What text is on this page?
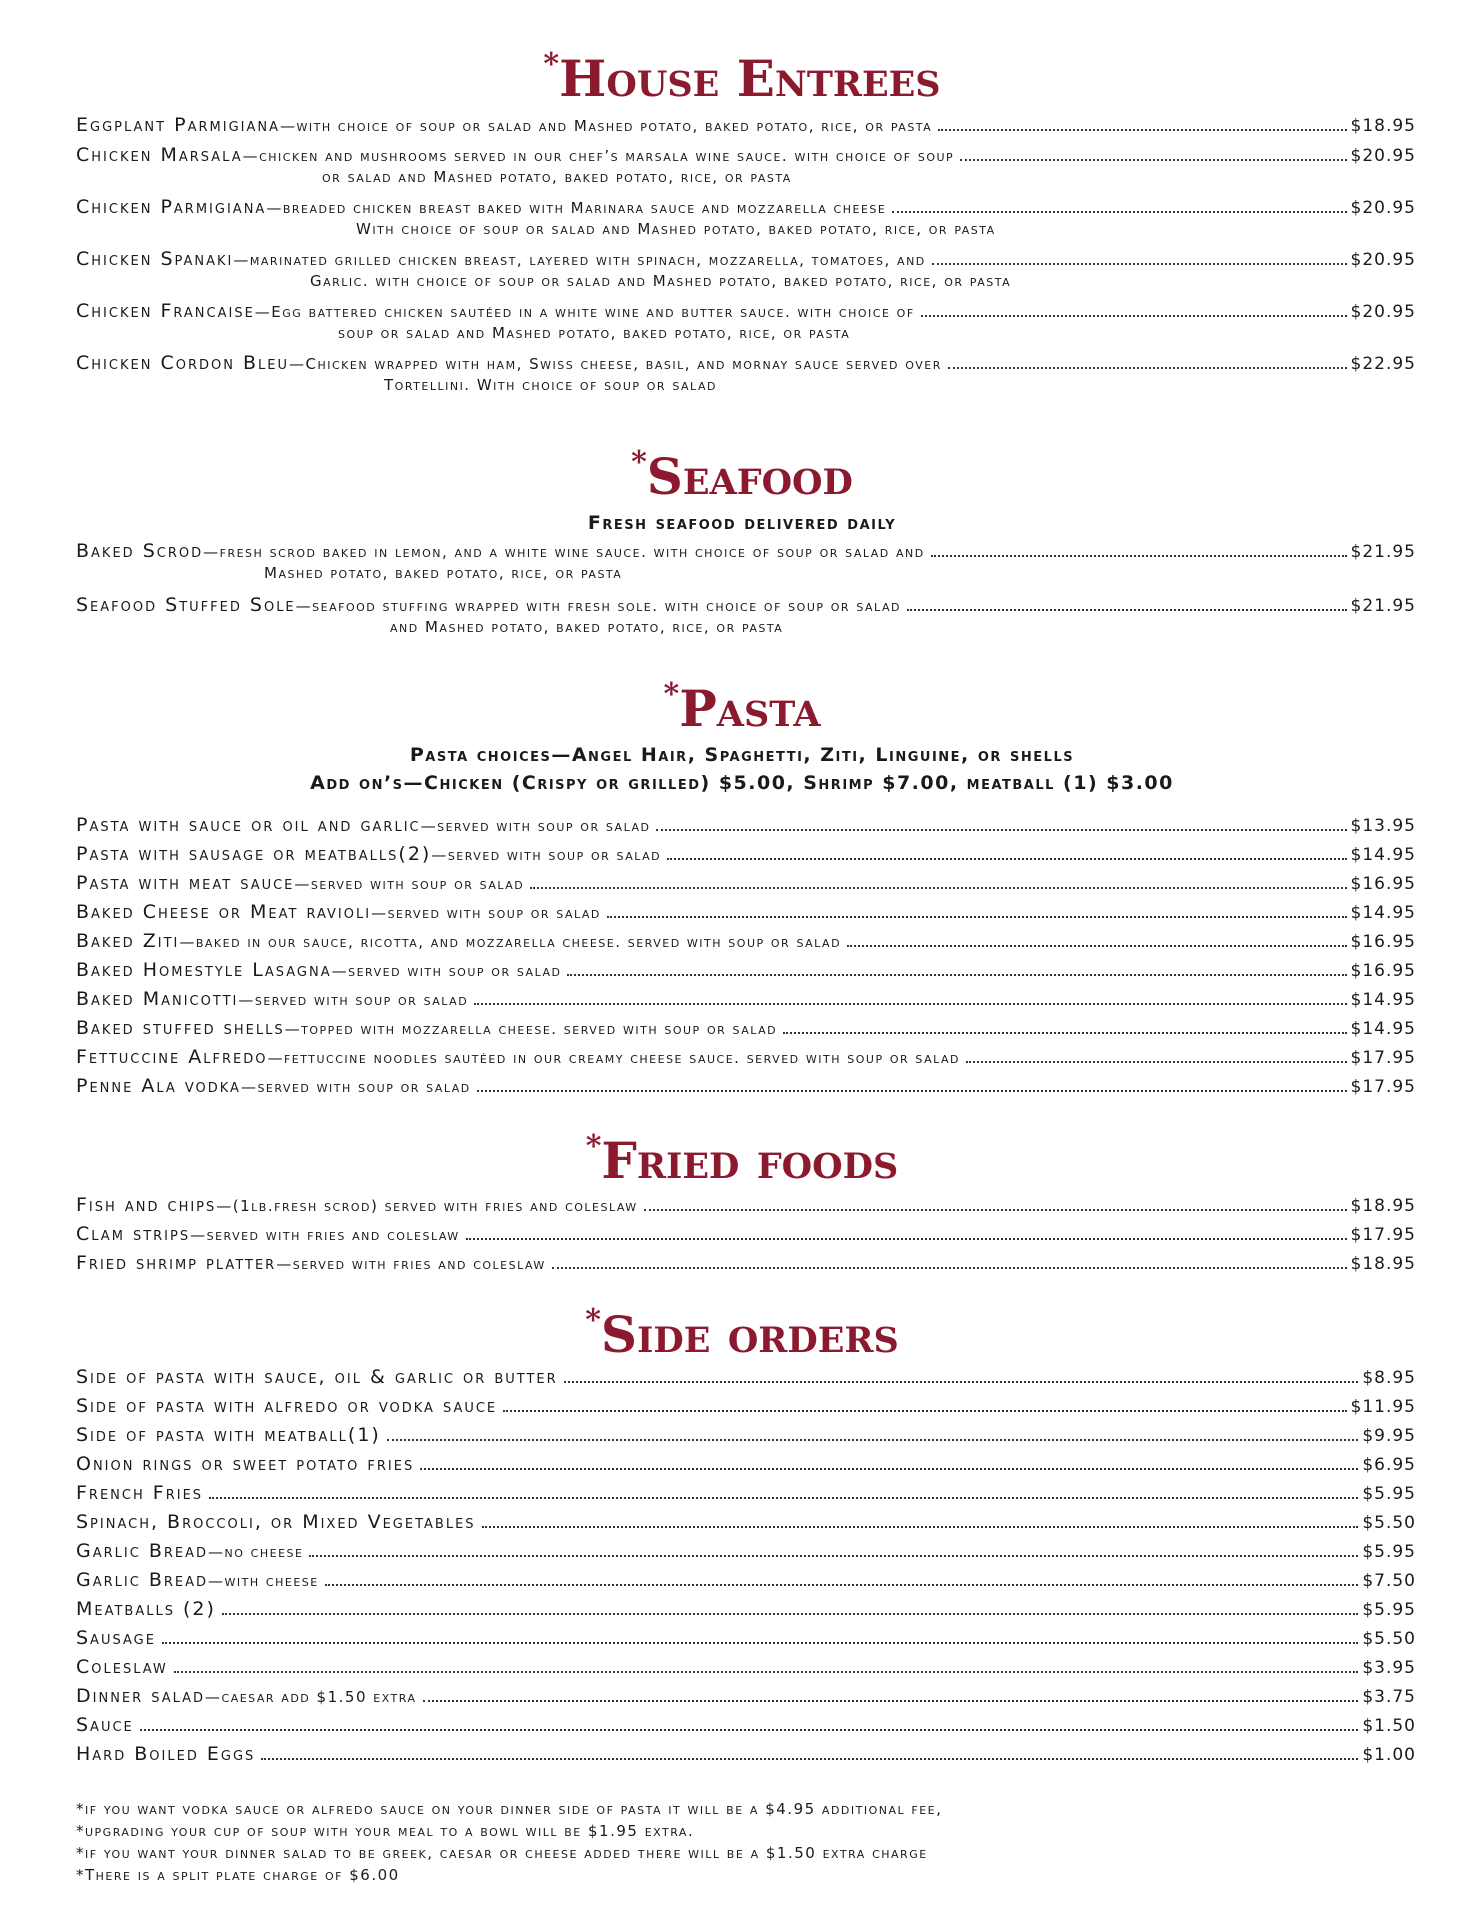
*House Entrees
Eggplant Parmigiana — with choice of soup or salad and Mashed potato, baked potato, rice, or pasta	$18.95
Chicken Marsala — chicken and mushrooms served in our chef’s marsala wine sauce. with choice of soup	$20.95
or salad and Mashed potato, baked potato, rice, or pasta
Chicken Parmigiana — breaded chicken breast baked with Marinara sauce and mozzarella cheese	$20.95
With choice of soup or salad and Mashed potato, baked potato, rice, or pasta
Chicken Spanaki — marinated grilled chicken breast, layered with spinach, mozzarella, tomatoes, and	$20.95
Garlic. with choice of soup or salad and Mashed potato, baked potato, rice, or pasta
Chicken Francaise — Egg battered chicken sautéed in a white wine and butter sauce. with choice of	$20.95
soup or salad and Mashed potato, baked potato, rice, or pasta
Chicken Cordon Bleu — Chicken wrapped with ham, Swiss cheese, basil, and mornay sauce served over	$22.95
Tortellini. With choice of soup or salad
*Seafood
Fresh seafood delivered daily
Baked Scrod — fresh scrod baked in lemon, and a white wine sauce. with choice of soup or salad and	$21.95
Mashed potato, baked potato, rice, or pasta
Seafood Stuffed Sole — seafood stuffing wrapped with fresh sole. with choice of soup or salad	$21.95
and Mashed potato, baked potato, rice, or pasta
*Pasta
Pasta choices—Angel Hair, Spaghetti, Ziti, Linguine, or shells
Add on’s—Chicken (Crispy or grilled) $5.00, Shrimp $7.00, meatball (1) $3.00
Pasta with sauce or oil and garlic — served with soup or salad	$13.95
Pasta with sausage or meatballs(2) — served with soup or salad	$14.95
Pasta with meat sauce — served with soup or salad	$16.95
Baked Cheese or Meat ravioli — served with soup or salad	$14.95
Baked Ziti — baked in our sauce, ricotta, and mozzarella cheese. served with soup or salad	$16.95
Baked Homestyle Lasagna — served with soup or salad	$16.95
Baked Manicotti — served with soup or salad	$14.95
Baked stuffed shells — topped with mozzarella cheese. served with soup or salad	$14.95
Fettuccine Alfredo — fettuccine noodles sautéed in our creamy cheese sauce. served with soup or salad	$17.95
Penne Ala vodka — served with soup or salad	$17.95
*Fried foods
Fish and chips — (1lb.fresh scrod) served with fries and coleslaw	$18.95
Clam strips — served with fries and coleslaw	$17.95
Fried shrimp platter — served with fries and coleslaw	$18.95
*Side orders
Side of pasta with sauce, oil & garlic or butter	$8.95
Side of pasta with alfredo or vodka sauce	$11.95
Side of pasta with meatball(1)	$9.95
Onion rings or sweet potato fries	$6.95
French Fries	$5.95
Spinach, Broccoli, or Mixed Vegetables	$5.50
Garlic Bread — no cheese	$5.95
Garlic Bread — with cheese	$7.50
Meatballs (2)	$5.95
Sausage	$5.50
Coleslaw	$3.95
Dinner salad — caesar add $1.50 extra	$3.75
Sauce	$1.50
Hard Boiled Eggs	$1.00
*if you want vodka sauce or alfredo sauce on your dinner side of pasta it will be a $4.95 additional fee,
*upgrading your cup of soup with your meal to a bowl will be $1.95 extra.
*if you want your dinner salad to be greek, caesar or cheese added there will be a $1.50 extra charge
*There is a split plate charge of $6.00
